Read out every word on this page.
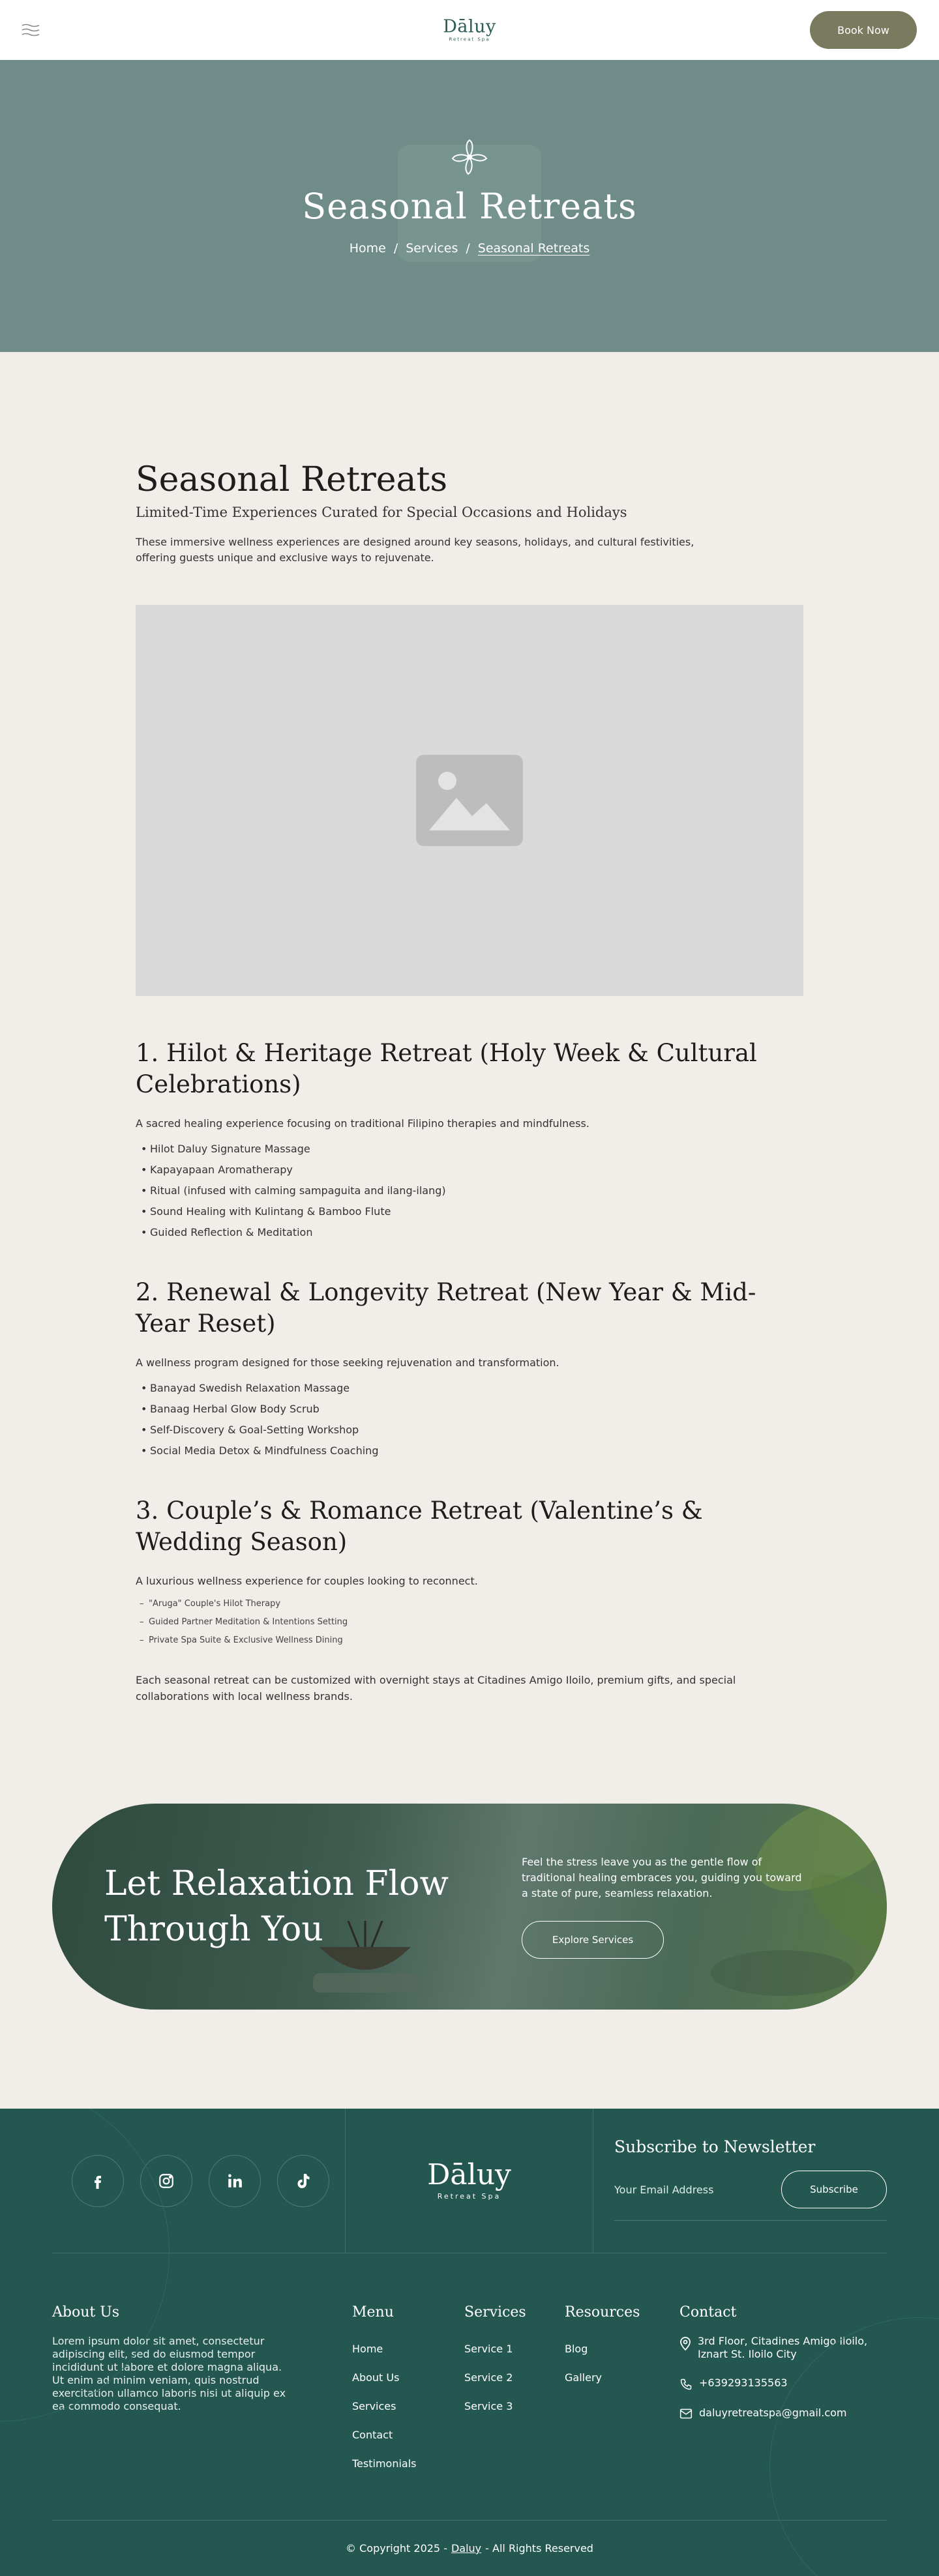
Dāluy
Retreat Spa
Book Now
Seasonal Retreats
Home / Services / Seasonal Retreats
Seasonal Retreats
Limited-Time Experiences Curated for Special Occasions and Holidays

These immersive wellness experiences are designed around key seasons, holidays, and cultural festivities, offering guests unique and exclusive ways to rejuvenate.

1. Hilot & Heritage Retreat (Holy Week & Cultural Celebrations)

A sacred healing experience focusing on traditional Filipino therapies and mindfulness.

• Hilot Daluy Signature Massage
• Kapayapaan Aromatherapy
• Ritual (infused with calming sampaguita and ilang-ilang)
• Sound Healing with Kulintang & Bamboo Flute
• Guided Reflection & Meditation
2. Renewal & Longevity Retreat (New Year & Mid-Year Reset)

A wellness program designed for those seeking rejuvenation and transformation.

• Banayad Swedish Relaxation Massage
• Banaag Herbal Glow Body Scrub
• Self-Discovery & Goal-Setting Workshop
• Social Media Detox & Mindfulness Coaching
3. Couple’s & Romance Retreat (Valentine’s & Wedding Season)

A luxurious wellness experience for couples looking to reconnect.

– "Aruga" Couple's Hilot Therapy
– Guided Partner Meditation & Intentions Setting
– Private Spa Suite & Exclusive Wellness Dining

Each seasonal retreat can be customized with overnight stays at Citadines Amigo Iloilo, premium gifts, and special collaborations with local wellness brands.

Let Relaxation Flow Through You

Feel the stress leave you as the gentle flow of traditional healing embraces you, guiding you toward a state of pure, seamless relaxation.

Explore Services
Dāluy
Retreat Spa
Subscribe to Newsletter
Your Email Address
Subscribe
About Us

Lorem ipsum dolor sit amet, consectetur adipiscing elit, sed do eiusmod tempor incididunt ut labore et dolore magna aliqua. Ut enim ad minim veniam, quis nostrud exercitation ullamco laboris nisi ut aliquip ex ea commodo consequat.

Menu
Home
About Us
Services
Contact
Testimonials
Services
Service 1
Service 2
Service 3
Resources
Blog
Gallery
Contact
3rd Floor, Citadines Amigo Iloilo, Iznart St. Iloilo City
+639293135563
daluyretreatspa@gmail.com
© Copyright 2025 - Daluy - All Rights Reserved
